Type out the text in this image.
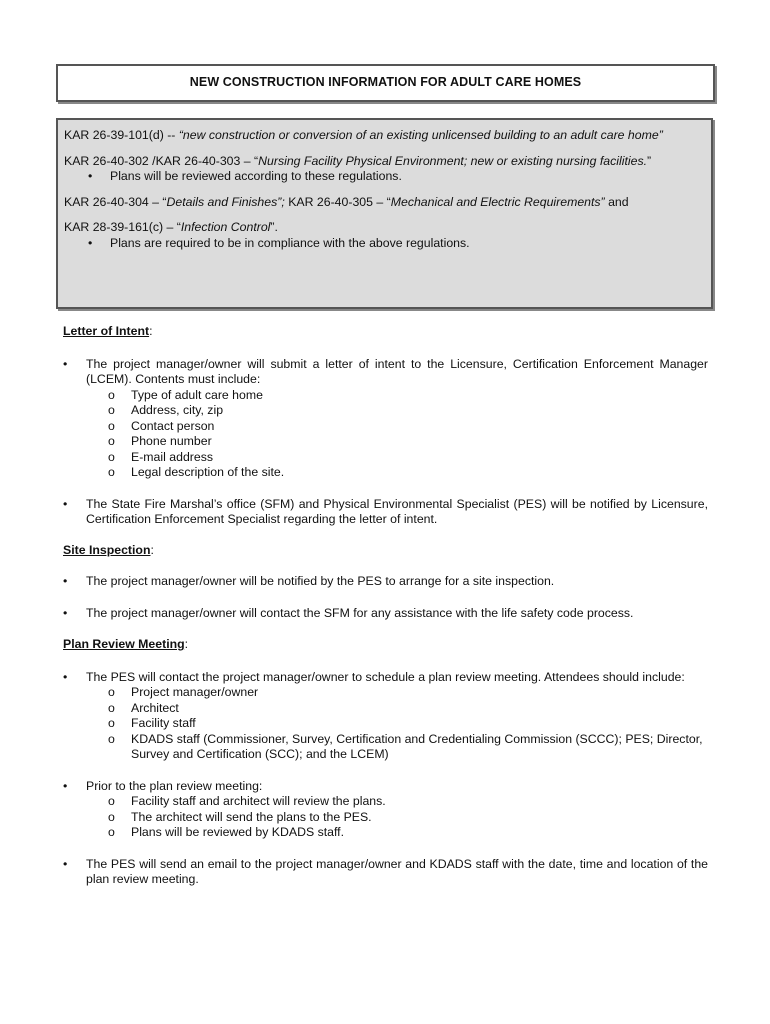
NEW CONSTRUCTION INFORMATION FOR ADULT CARE HOMES

KAR 26-39-101(d) -- “new construction or conversion of an existing unlicensed building to an adult care home”

KAR 26-40-302 /KAR 26-40-303 – “Nursing Facility Physical Environment; new or existing nursing facilities.”

• Plans will be reviewed according to these regulations.

KAR 26-40-304 – “Details and Finishes”; KAR 26-40-305 – “Mechanical and Electric Requirements” and

KAR 28-39-161(c) – “Infection Control”.

• Plans are required to be in compliance with the above regulations.

Letter of Intent:

• The project manager/owner will submit a letter of intent to the Licensure, Certification Enforcement Manager (LCEM). Contents must include:
o Type of adult care home
o Address, city, zip
o Contact person
o Phone number
o E-mail address
o Legal description of the site.
• The State Fire Marshal’s office (SFM) and Physical Environmental Specialist (PES) will be notified by Licensure, Certification Enforcement Specialist regarding the letter of intent.

Site Inspection:

• The project manager/owner will be notified by the PES to arrange for a site inspection.
• The project manager/owner will contact the SFM for any assistance with the life safety code process.

Plan Review Meeting:

• The PES will contact the project manager/owner to schedule a plan review meeting. Attendees should include:
o Project manager/owner
o Architect
o Facility staff
o KDADS staff (Commissioner, Survey, Certification and Credentialing Commission (SCCC); PES; Director, Survey and Certification (SCC); and the LCEM)
• Prior to the plan review meeting:
o Facility staff and architect will review the plans.
o The architect will send the plans to the PES.
o Plans will be reviewed by KDADS staff.
• The PES will send an email to the project manager/owner and KDADS staff with the date, time and location of the plan review meeting.
